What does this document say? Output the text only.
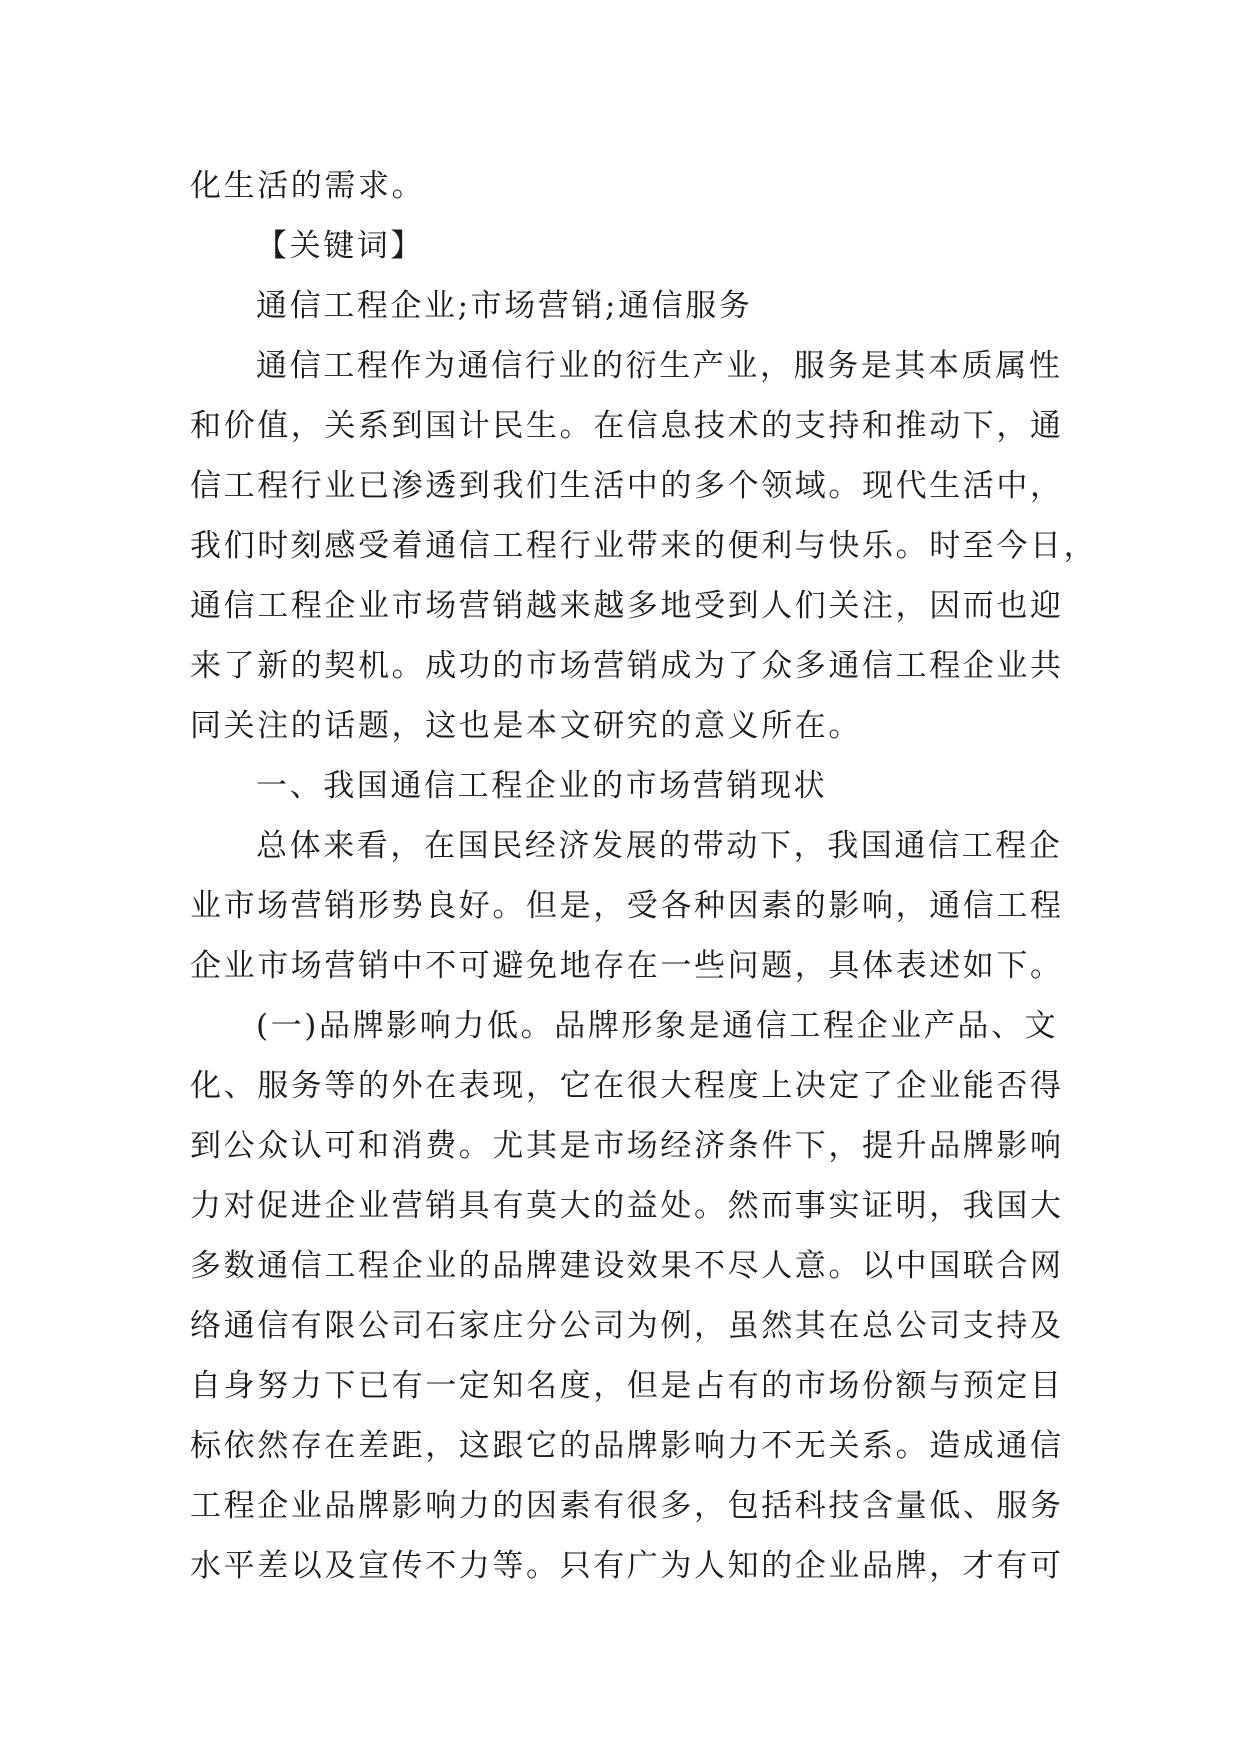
化生活的需求。
【关键词】
通信工程企业;市场营销;通信服务
通信工程作为通信行业的衍生产业，服务是其本质属性
和价值，关系到国计民生。在信息技术的支持和推动下，通
信工程行业已渗透到我们生活中的多个领域。现代生活中，
我们时刻感受着通信工程行业带来的便利与快乐。时至今日，
通信工程企业市场营销越来越多地受到人们关注，因而也迎
来了新的契机。成功的市场营销成为了众多通信工程企业共
同关注的话题，这也是本文研究的意义所在。
一、我国通信工程企业的市场营销现状
总体来看，在国民经济发展的带动下，我国通信工程企
业市场营销形势良好。但是，受各种因素的影响，通信工程
企业市场营销中不可避免地存在一些问题，具体表述如下。
(一)品牌影响力低。品牌形象是通信工程企业产品、文
化、服务等的外在表现，它在很大程度上决定了企业能否得
到公众认可和消费。尤其是市场经济条件下，提升品牌影响
力对促进企业营销具有莫大的益处。然而事实证明，我国大
多数通信工程企业的品牌建设效果不尽人意。以中国联合网
络通信有限公司石家庄分公司为例，虽然其在总公司支持及
自身努力下已有一定知名度，但是占有的市场份额与预定目
标依然存在差距，这跟它的品牌影响力不无关系。造成通信
工程企业品牌影响力的因素有很多，包括科技含量低、服务
水平差以及宣传不力等。只有广为人知的企业品牌，才有可
